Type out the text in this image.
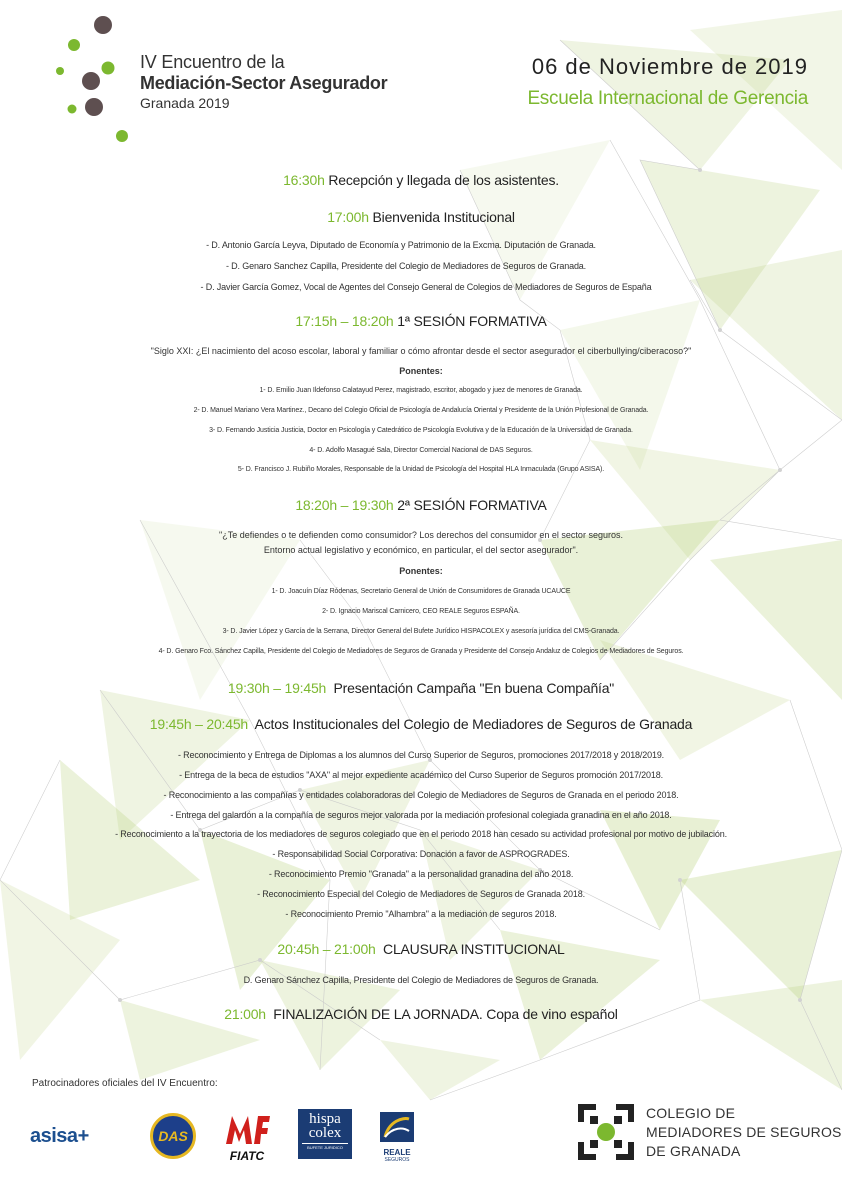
IV Encuentro de la
Mediación-Sector Asegurador
Granada 2019
06 de Noviembre de 2019
Escuela Internacional de Gerencia
16:30h Recepción y llegada de los asistentes.
17:00h Bienvenida Institucional
- D. Antonio García Leyva, Diputado de Economía y Patrimonio de la Excma. Diputación de Granada.
- D. Genaro Sanchez Capilla, Presidente del Colegio de Mediadores de Seguros de Granada.
- D. Javier García Gomez, Vocal de Agentes del Consejo General de Colegios de Mediadores de Seguros de España
17:15h – 18:20h 1ª SESIÓN FORMATIVA
"Siglo XXI: ¿El nacimiento del acoso escolar, laboral y familiar o cómo afrontar desde el sector asegurador el ciberbullying/ciberacoso?"
Ponentes:
1- D. Emilio Juan Ildefonso Calatayud Perez, magistrado, escritor, abogado y juez de menores de Granada.
2- D. Manuel Mariano Vera Martinez., Decano del Colegio Oficial de Psicología de Andalucía Oriental y Presidente de la Unión Profesional de Granada.
3- D. Fernando Justicia Justicia, Doctor en Psicología y Catedrático de Psicología Evolutiva y de la Educación de la Universidad de Granada.
4- D. Adolfo Masagué Sala, Director Comercial Nacional de DAS Seguros.
5- D. Francisco J. Rubiño Morales, Responsable de la Unidad de Psicología del Hospital HLA Inmaculada (Grupo ASISA).
18:20h – 19:30h 2ª SESIÓN FORMATIVA
"¿Te defiendes o te defienden como consumidor? Los derechos del consumidor en el sector seguros.
Entorno actual legislativo y económico, en particular, el del sector asegurador".
Ponentes:
1- D. Joacuín Díaz Ródenas, Secretario General de Unión de Consumidores de Granada UCAUCE
2- D. Ignacio Mariscal Carnicero, CEO REALE Seguros ESPAÑA.
3- D. Javier López y García de la Serrana, Director General del Bufete Jurídico HISPACOLEX y asesoría jurídica del CMS-Granada.
4- D. Genaro Fco. Sánchez Capilla, Presidente del Colegio de Mediadores de Seguros de Granada y Presidente del Consejo Andaluz de Colegios de Mediadores de Seguros.
19:30h – 19:45h Presentación Campaña "En buena Compañía"
19:45h – 20:45h Actos Institucionales del Colegio de Mediadores de Seguros de Granada
- Reconocimiento y Entrega de Diplomas a los alumnos del Curso Superior de Seguros, promociones 2017/2018 y 2018/2019.
- Entrega de la beca de estudios "AXA" al mejor expediente académico del Curso Superior de Seguros promoción 2017/2018.
- Reconocimiento a las compañías y entidades colaboradoras del Colegio de Mediadores de Seguros de Granada en el periodo 2018.
- Entrega del galardón a la compañía de seguros mejor valorada por la mediación profesional colegiada granadina en el año 2018.
- Reconocimiento a la trayectoria de los mediadores de seguros colegiado que en el periodo 2018 han cesado su actividad profesional por motivo de jubilación.
- Responsabilidad Social Corporativa: Donación a favor de ASPROGRADES.
- Reconocimiento Premio "Granada" a la personalidad granadina del año 2018.
- Reconocimiento Especial del Colegio de Mediadores de Seguros de Granada 2018.
- Reconocimiento Premio "Alhambra" a la mediación de seguros 2018.
20:45h – 21:00h CLAUSURA INSTITUCIONAL
D. Genaro Sánchez Capilla, Presidente del Colegio de Mediadores de Seguros de Granada.
21:00h FINALIZACIÓN DE LA JORNADA. Copa de vino español
Patrocinadores oficiales del IV Encuentro:
asisa+	DAS
FIATC
hispa
colex
BUFETE JURIDICO
REALE
SEGUROS
COLEGIO DE
MEDIADORES DE SEGUROS
DE GRANADA
